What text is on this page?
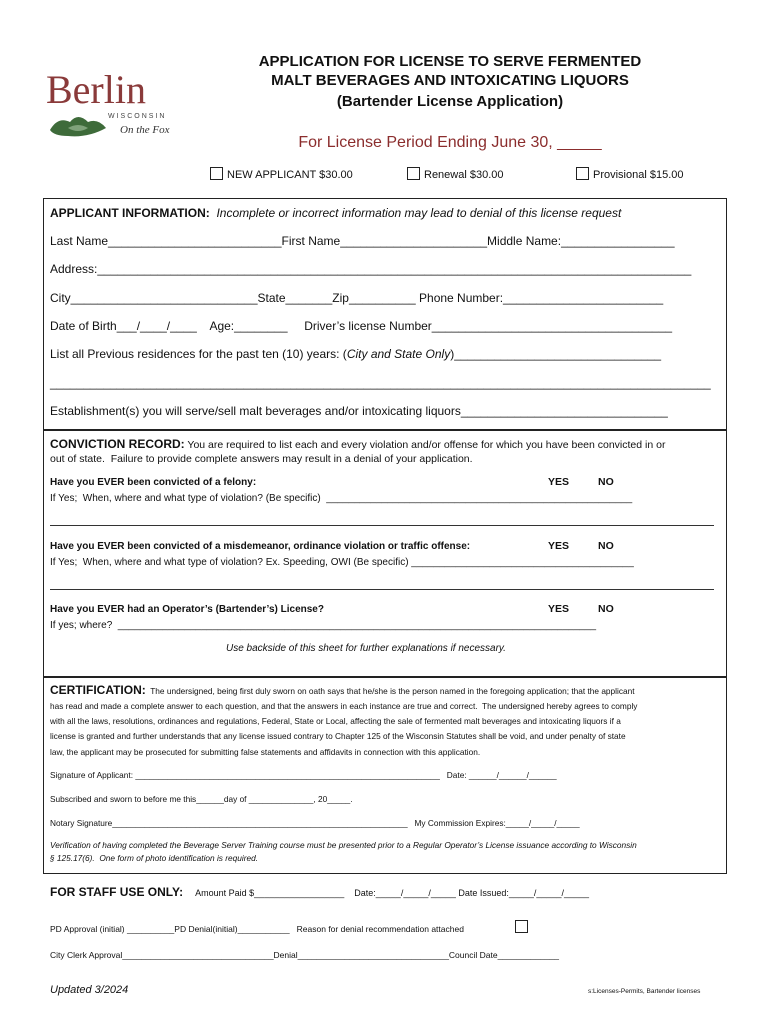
Berlin
WISCONSIN
On the Fox
APPLICATION FOR LICENSE TO SERVE FERMENTED
MALT BEVERAGES AND INTOXICATING LIQUORS
(Bartender License Application)
For License Period Ending June 30, _____
NEW APPLICANT $30.00	Renewal $30.00	Provisional $15.00
APPLICANT INFORMATION: Incomplete or incorrect information may lead to denial of this license request
Last Name__________________________First Name______________________Middle Name:_________________
Address:_________________________________________________________________________________________
City____________________________State_______Zip__________ Phone Number:________________________
Date of Birth___/____/____    Age:________     Driver’s license Number____________________________________
List all Previous residences for the past ten (10) years: (City and State Only)_______________________________
___________________________________________________________________________________________________
Establishment(s) you will serve/sell malt beverages and/or intoxicating liquors_______________________________
CONVICTION RECORD: You are required to list each and every violation and/or offense for which you have been convicted in or
out of state.  Failure to provide complete answers may result in a denial of your application.
Have you EVER been convicted of a felony:	YES	NO
If Yes;  When, where and what type of violation? (Be specific)  _______________________________________________________
Have you EVER been convicted of a misdemeanor, ordinance violation or traffic offense:	YES	NO
If Yes;  When, where and what type of violation? Ex. Speeding, OWI (Be specific) ________________________________________
Have you EVER had an Operator’s (Bartender’s) License?	YES	NO
If yes; where?  ______________________________________________________________________________________
Use backside of this sheet for further explanations if necessary.
CERTIFICATION: The undersigned, being first duly sworn on oath says that he/she is the person named in the foregoing application; that the applicant
has read and made a complete answer to each question, and that the answers in each instance are true and correct.  The undersigned hereby agrees to comply
with all the laws, resolutions, ordinances and regulations, Federal, State or Local, affecting the sale of fermented malt beverages and intoxicating liquors if a
license is granted and further understands that any license issued contrary to Chapter 125 of the Wisconsin Statutes shall be void, and under penalty of state
law, the applicant may be prosecuted for submitting false statements and affidavits in connection with this application.
Signature of Applicant: __________________________________________________________________   Date: ______/______/______
Subscribed and sworn to before me this______day of ______________, 20_____.
Notary Signature________________________________________________________________   My Commission Expires:_____/_____/_____
Verification of having completed the Beverage Server Training course must be presented prior to a Regular Operator’s License issuance according to Wisconsin
§ 125.17(6).  One form of photo identification is required.
FOR STAFF USE ONLY: Amount Paid $__________________    Date:_____/_____/_____ Date Issued:_____/_____/_____
PD Approval (initial) __________PD Denial(initial)___________   Reason for denial recommendation attached
City Clerk Approval________________________________Denial________________________________Council Date_____________
Updated 3/2024	s:Licenses-Permits, Bartender licenses
